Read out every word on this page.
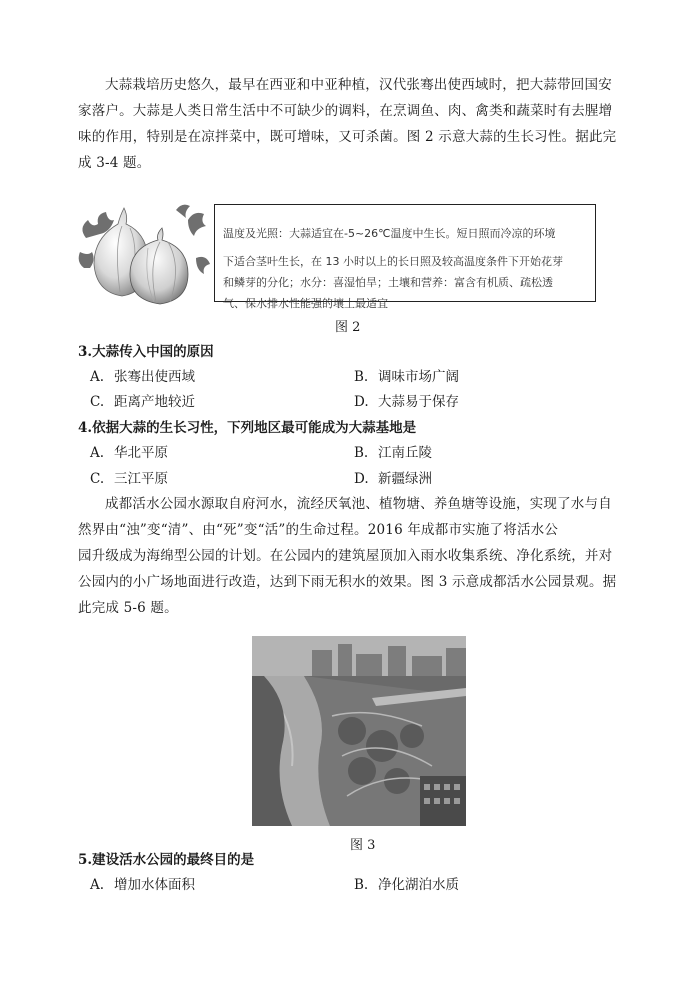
大蒜栽培历史悠久，最早在西亚和中亚种植，汉代张骞出使西域时，把大蒜带回国安
家落户。大蒜是人类日常生活中不可缺少的调料，在烹调鱼、肉、禽类和蔬菜时有去腥增
味的作用，特别是在凉拌菜中，既可增味，又可杀菌。图 2 示意大蒜的生长习性。据此完
成 3-4 题。

温度及光照：大蒜适宜在-5~26℃温度中生长。短日照而冷凉的环境
下适合茎叶生长，在 13 小时以上的长日照及较高温度条件下开始花芽
和鳞芽的分化；水分：喜湿怕旱；土壤和营养：富含有机质、疏松透
气、保水排水性能强的壤土最适宜

图 2

3.大蒜传入中国的原因

A. 张骞出使西域	B. 调味市场广阔

C. 距离产地较近	D. 大蒜易于保存

4.依据大蒜的生长习性，下列地区最可能成为大蒜基地是

A. 华北平原	B. 江南丘陵

C. 三江平原	D. 新疆绿洲

成都活水公园水源取自府河水，流经厌氧池、植物塘、养鱼塘等设施，实现了水与自
然界由“浊”变“清”、由“死”变“活”的生命过程。2016 年成都市实施了将活水公
园升级成为海绵型公园的计划。在公园内的建筑屋顶加入雨水收集系统、净化系统，并对
公园内的小广场地面进行改造，达到下雨无积水的效果。图 3 示意成都活水公园景观。据
此完成 5-6 题。

图 3

5.建设活水公园的最终目的是

A. 增加水体面积	B. 净化湖泊水质
